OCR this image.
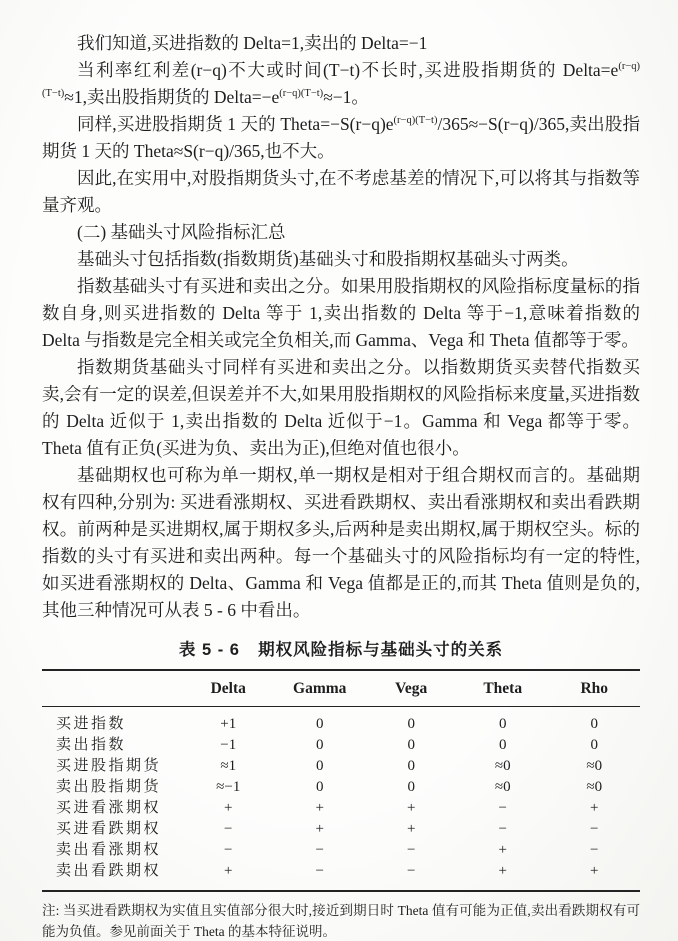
我们知道,买进指数的 Delta=1,卖出的 Delta=−1

当利率红利差(r−q)不大或时间(T−t)不长时,买进股指期货的 $Delta=e^{(r-q)(T-t)}\approx 1$,卖出股指期货的 $Delta=-e^{(r-q)(T-t)}\approx-1$。

同样,买进股指期货 1 天的 $Theta=-S(r-q)e^{(r-q)(T-t)}/365\approx-S(r-q)/365$,卖出股指期货 1 天的 Theta≈S(r−q)/365,也不大。

因此,在实用中,对股指期货头寸,在不考虑基差的情况下,可以将其与指数等量齐观。

(二) 基础头寸风险指标汇总

基础头寸包括指数(指数期货)基础头寸和股指期权基础头寸两类。

指数基础头寸有买进和卖出之分。如果用股指期权的风险指标度量标的指数自身,则买进指数的 Delta 等于 1,卖出指数的 Delta 等于−1,意味着指数的 Delta 与指数是完全相关或完全负相关,而 Gamma、Vega 和 Theta 值都等于零。

指数期货基础头寸同样有买进和卖出之分。以指数期货买卖替代指数买卖,会有一定的误差,但误差并不大,如果用股指期权的风险指标来度量,买进指数的 Delta 近似于 1,卖出指数的 Delta 近似于−1。Gamma 和 Vega 都等于零。Theta 值有正负(买进为负、卖出为正),但绝对值也很小。

基础期权也可称为单一期权,单一期权是相对于组合期权而言的。基础期权有四种,分别为: 买进看涨期权、买进看跌期权、卖出看涨期权和卖出看跌期权。前两种是买进期权,属于期权多头,后两种是卖出期权,属于期权空头。标的指数的头寸有买进和卖出两种。每一个基础头寸的风险指标均有一定的特性,如买进看涨期权的 Delta、Gamma 和 Vega 值都是正的,而其 Theta 值则是负的,其他三种情况可从表 5 - 6 中看出。

表 5 - 6 期权风险指标与基础头寸的关系
	Delta	Gamma	Vega	Theta	Rho
买进指数	+1	0	0	0	0
卖出指数	−1	0	0	0	0
买进股指期货	≈1	0	0	≈0	≈0
卖出股指期货	≈−1	0	0	≈0	≈0
买进看涨期权	+	+	+	−	+
买进看跌期权	−	+	+	−	−
卖出看涨期权	−	−	−	+	−
卖出看跌期权	+	−	−	+	+
注: 当买进看跌期权为实值且实值部分很大时,接近到期日时 Theta 值有可能为正值,卖出看跌期权有可能为负值。参见前面关于 Theta 的基本特征说明。
